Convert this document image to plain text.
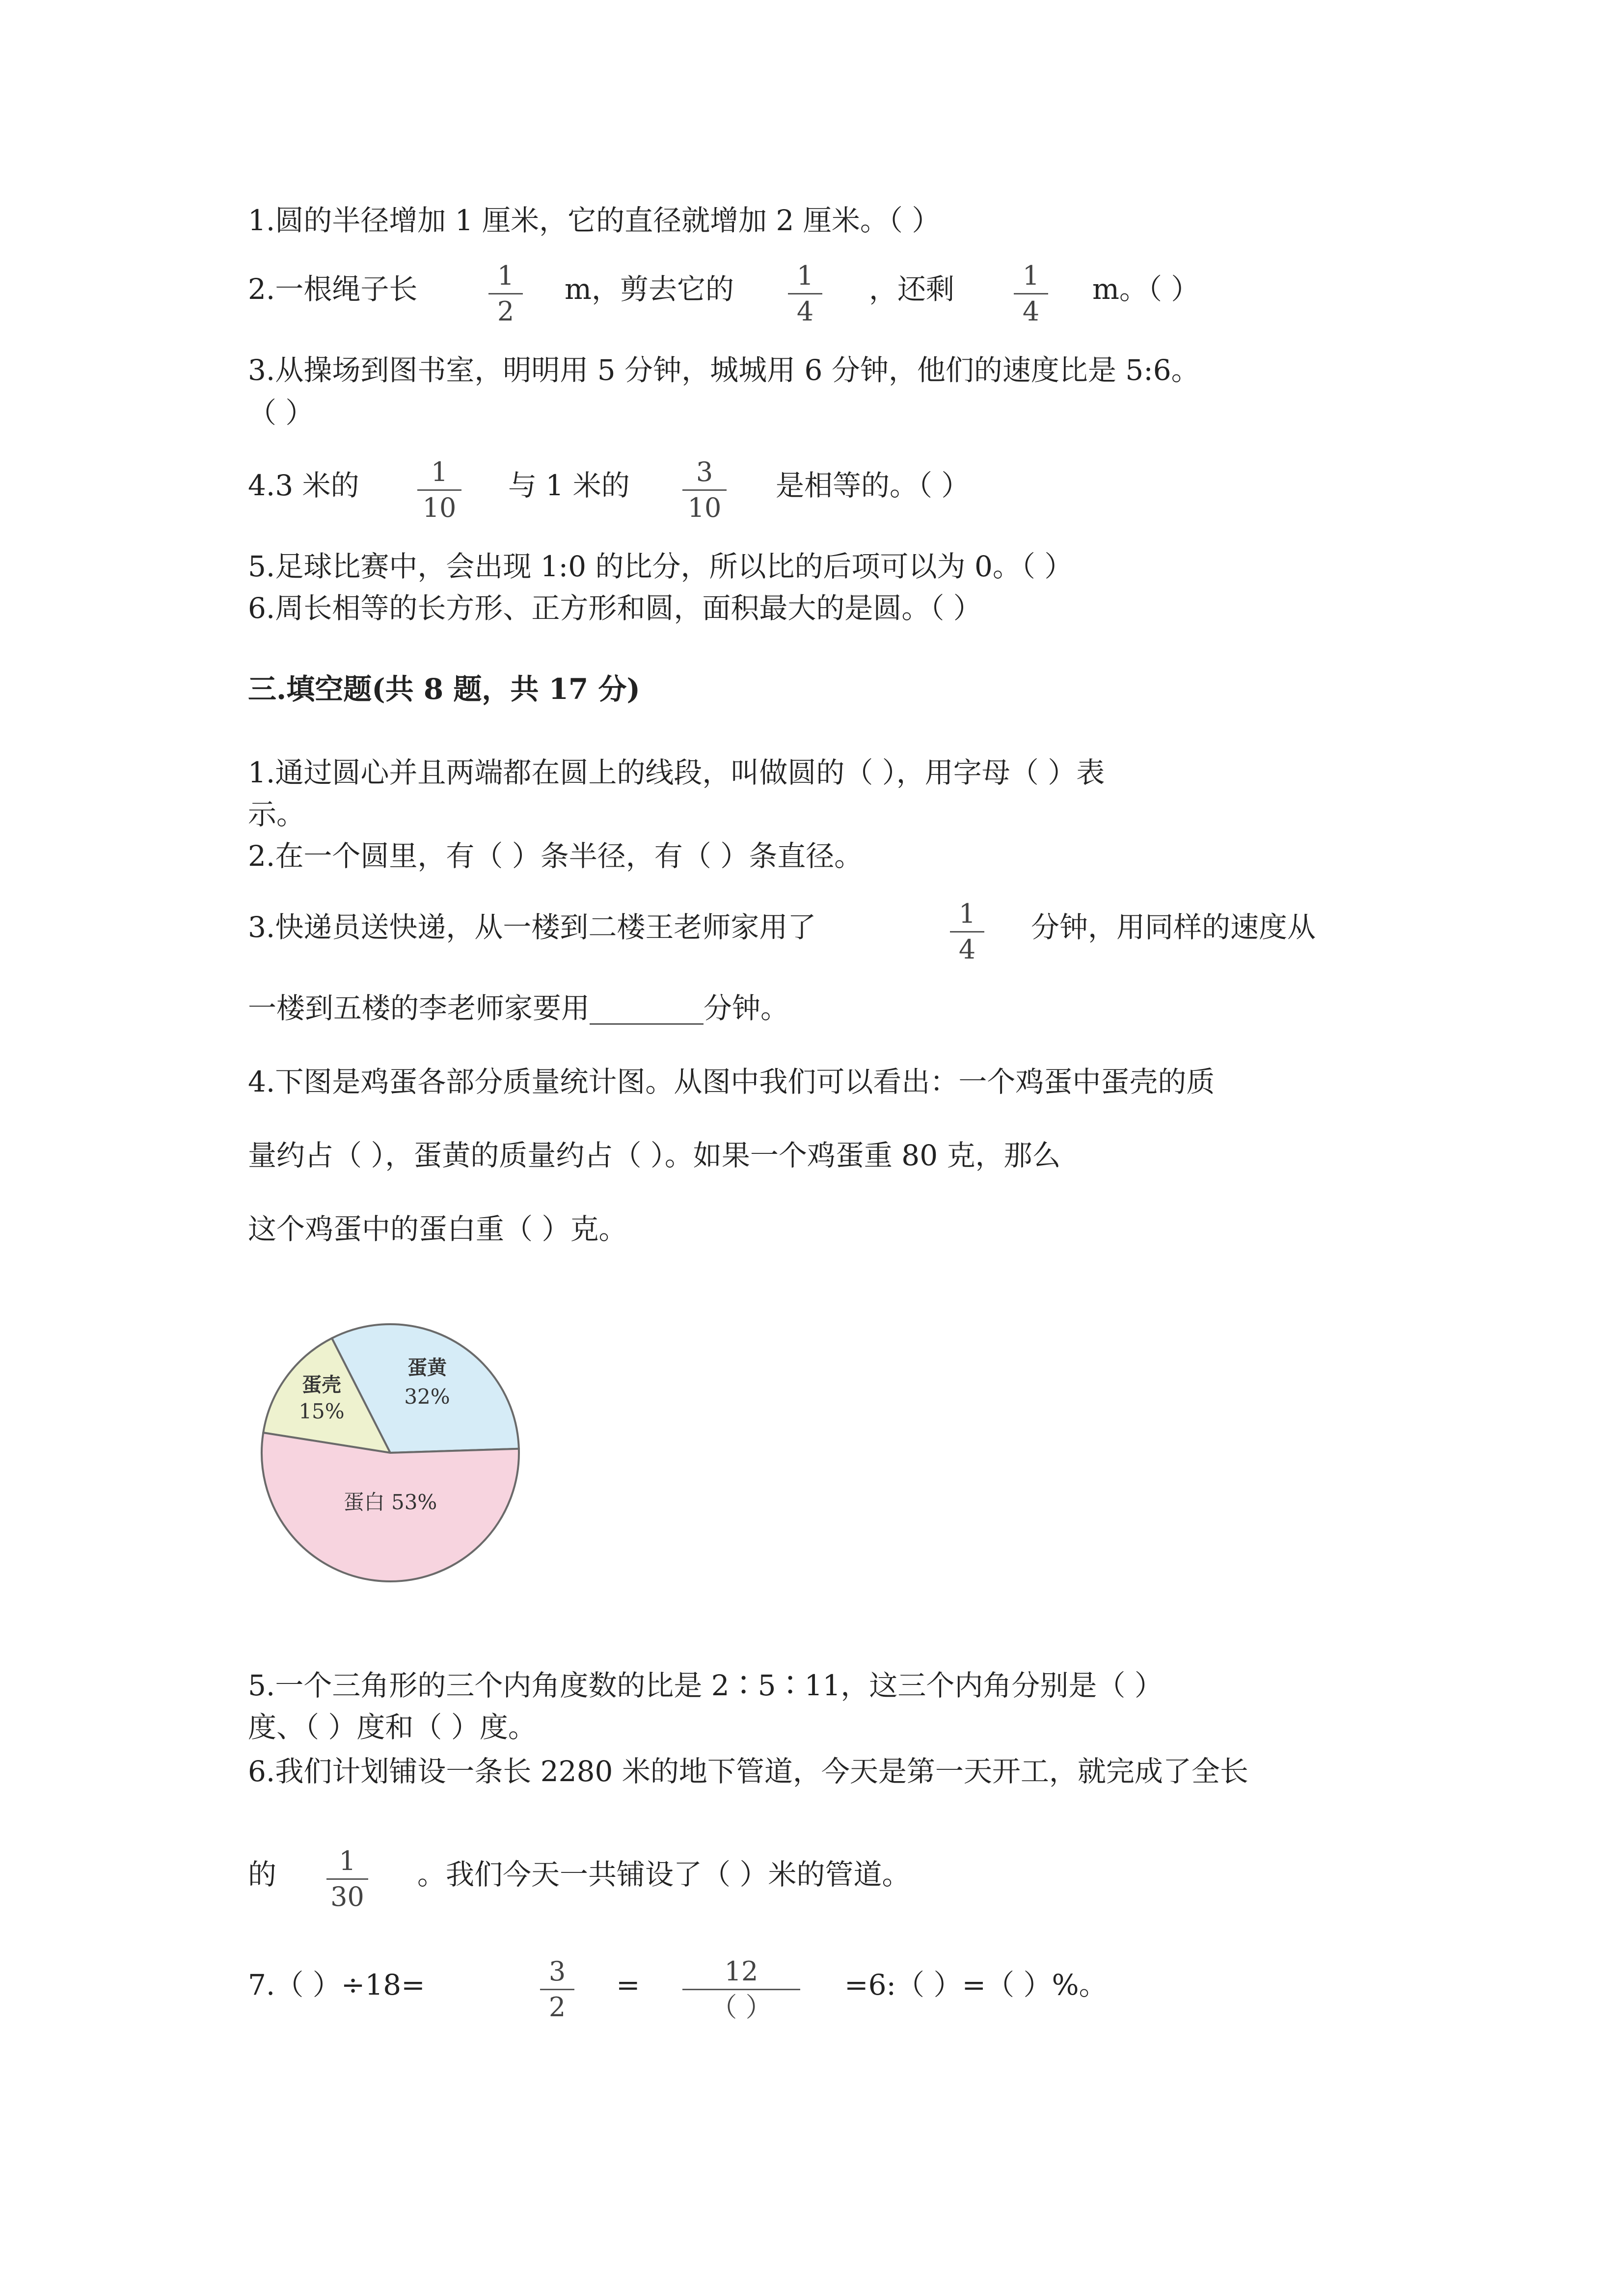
1.圆的半径增加 1 厘米，它的直径就增加 2 厘米。（ ）
2.一根绳子长	1
2
m，剪去它的	1
4
，还剩	1
4
m。（ ）
3.从操场到图书室，明明用 5 分钟，城城用 6 分钟，他们的速度比是 5:6。
（ ）
4.3 米的	1
10
与 1 米的	3
10
是相等的。（ ）
5.足球比赛中，会出现 1:0 的比分，所以比的后项可以为 0。（ ）
6.周长相等的长方形、正方形和圆，面积最大的是圆。（ ）
三.填空题(共 8 题，共 17 分)
1.通过圆心并且两端都在圆上的线段，叫做圆的（ ），用字母（ ）表
示。
2.在一个圆里，有（ ）条半径，有（ ）条直径。
3.快递员送快递，从一楼到二楼王老师家用了	1
4
分钟，用同样的速度从
一楼到五楼的李老师家要用________分钟。
4.下图是鸡蛋各部分质量统计图。从图中我们可以看出：一个鸡蛋中蛋壳的质
量约占（ ），蛋黄的质量约占（ ）。如果一个鸡蛋重 80 克，那么
这个鸡蛋中的蛋白重（ ）克。
蛋壳
15%
蛋黄
32%
蛋白 53%
5.一个三角形的三个内角度数的比是 2∶5∶11，这三个内角分别是（ ）
度、（ ）度和（ ）度。
6.我们计划铺设一条长 2280 米的地下管道，今天是第一天开工，就完成了全长
的	1
30
。我们今天一共铺设了（ ）米的管道。
7.（ ）÷18=	3
2
=	12
（ ）
=6:（ ）=（ ）%。
